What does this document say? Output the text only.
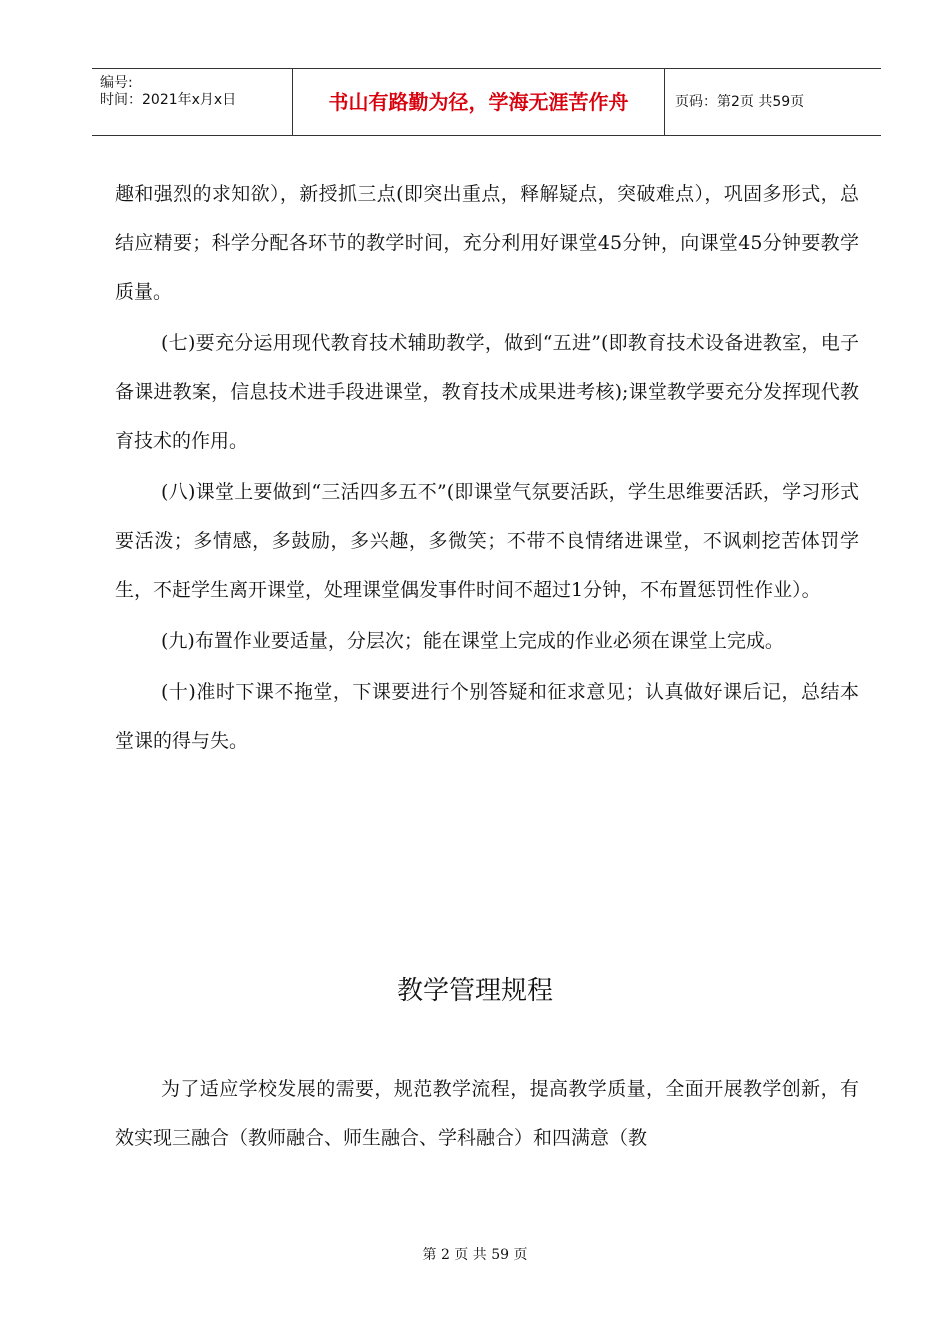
编号:
时间：2021年x月x日	书山有路勤为径，学海无涯苦作舟	页码：第2页 共59页

趣和强烈的求知欲），新授抓三点(即突出重点，释解疑点，突破难点），巩固多形式，总结应精要；科学分配各环节的教学时间，充分利用好课堂45分钟，向课堂45分钟要教学质量。

(七)要充分运用现代教育技术辅助教学，做到“五进”(即教育技术设备进教室，电子备课进教案，信息技术进手段进课堂，教育技术成果进考核);课堂教学要充分发挥现代教育技术的作用。

(八)课堂上要做到“三活四多五不”(即课堂气氛要活跃，学生思维要活跃，学习形式要活泼；多情感，多鼓励，多兴趣，多微笑；不带不良情绪进课堂，不讽刺挖苦体罚学生，不赶学生离开课堂，处理课堂偶发事件时间不超过1分钟，不布置惩罚性作业）。

(九)布置作业要适量，分层次；能在课堂上完成的作业必须在课堂上完成。

(十)准时下课不拖堂，下课要进行个别答疑和征求意见；认真做好课后记，总结本堂课的得与失。

教学管理规程

为了适应学校发展的需要，规范教学流程，提高教学质量，全面开展教学创新，有效实现三融合（教师融合、师生融合、学科融合）和四满意（教

第 2 页 共 59 页
